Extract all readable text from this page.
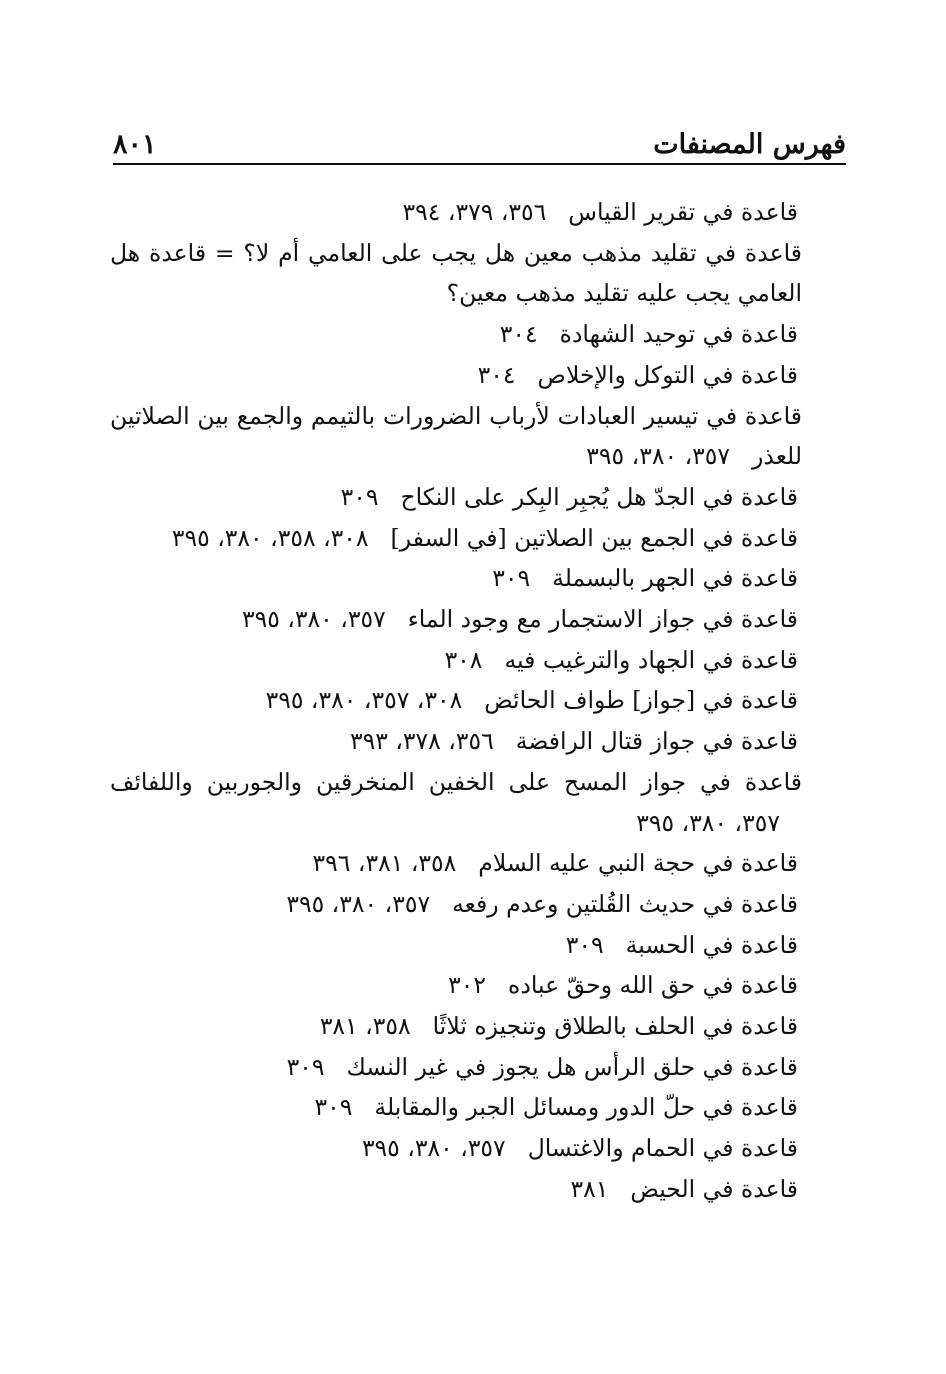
فهرس المصنفات
٨٠١
قاعدة في تقرير القياس٣٥٦، ٣٧٩، ٣٩٤
قاعدة في تقليد مذهب معين هل يجب على العامي أم لا؟ = قاعدة هل العامي يجب عليه تقليد مذهب معين؟
قاعدة في توحيد الشهادة٣٠٤
قاعدة في التوكل والإخلاص٣٠٤
قاعدة في تيسير العبادات لأرباب الضرورات بالتيمم والجمع بين الصلاتين للعذر٣٥٧، ٣٨٠، ٣٩٥
قاعدة في الجدّ هل يُجبِر البِكر على النكاح٣٠٩
قاعدة في الجمع بين الصلاتين [في السفر]٣٠٨، ٣٥٨، ٣٨٠، ٣٩٥
قاعدة في الجهر بالبسملة٣٠٩
قاعدة في جواز الاستجمار مع وجود الماء٣٥٧، ٣٨٠، ٣٩٥
قاعدة في الجهاد والترغيب فيه٣٠٨
قاعدة في [جواز] طواف الحائض٣٠٨، ٣٥٧، ٣٨٠، ٣٩٥
قاعدة في جواز قتال الرافضة٣٥٦، ٣٧٨، ٣٩٣
قاعدة في جواز المسح على الخفين المنخرقين والجوربين واللفائف٣٥٧، ٣٨٠، ٣٩٥
قاعدة في حجة النبي عليه السلام٣٥٨، ٣٨١، ٣٩٦
قاعدة في حديث القُلتين وعدم رفعه٣٥٧، ٣٨٠، ٣٩٥
قاعدة في الحسبة٣٠٩
قاعدة في حق الله وحقّ عباده٣٠٢
قاعدة في الحلف بالطلاق وتنجيزه ثلاثًا٣٥٨، ٣٨١
قاعدة في حلق الرأس هل يجوز في غير النسك٣٠٩
قاعدة في حلّ الدور ومسائل الجبر والمقابلة٣٠٩
قاعدة في الحمام والاغتسال٣٥٧، ٣٨٠، ٣٩٥
قاعدة في الحيض٣٨١
